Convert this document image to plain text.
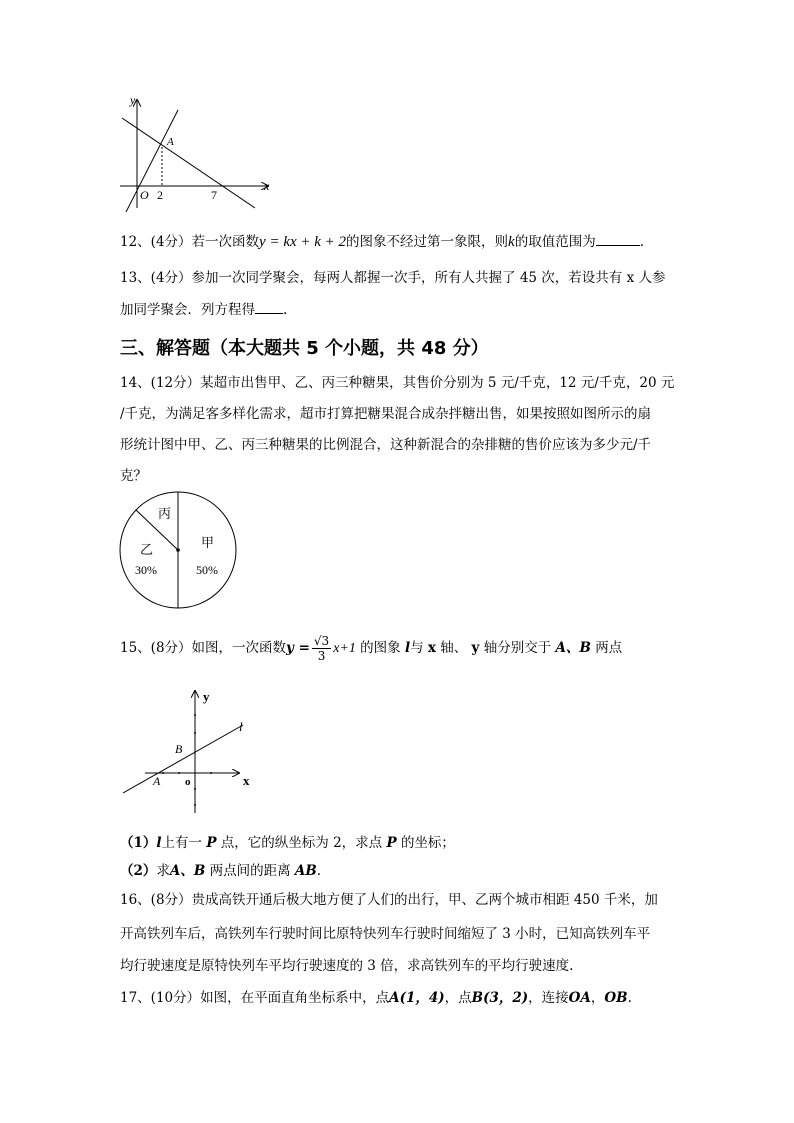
y
x
O
A
2	7
12、(4分）若一次函数y = kx + k + 2的图象不经过第一象限，则k的取值范围为	.
13、(4分）参加一次同学聚会，每两人都握一次手，所有人共握了 45 次，若设共有 x 人参
加同学聚会．列方程得 .
三、解答题（本大题共 5 个小题，共 48 分）
14、(12分）某超市出售甲、乙、丙三种糖果，其售价分别为 5 元/千克，12 元/千克，20 元
/千克，为满足客多样化需求，超市打算把糖果混合成杂拌糖出售，如果按照如图所示的扇
形统计图中甲、乙、丙三种糖果的比例混合，这种新混合的杂排糖的售价应该为多少元/千
克？
丙
乙
30%
甲
50%
15、(8分）如图，一次函数$y = \frac{√3}{3} x+1$ 的图象 l与 x 轴、 y 轴分别交于 A、B 两点
y
x
l
B
A o
（1）l上有一 P 点，它的纵坐标为 2，求点 P 的坐标；
（2）求A、B 两点间的距离 AB.
16、(8分）贵成高铁开通后极大地方便了人们的出行，甲、乙两个城市相距 450 千米，加
开高铁列车后，高铁列车行驶时间比原特快列车行驶时间缩短了 3 小时，已知高铁列车平
均行驶速度是原特快列车平均行驶速度的 3 倍，求高铁列车的平均行驶速度.
17、(10分）如图，在平面直角坐标系中，点A(1，4)，点B(3，2)，连接OA，OB.
